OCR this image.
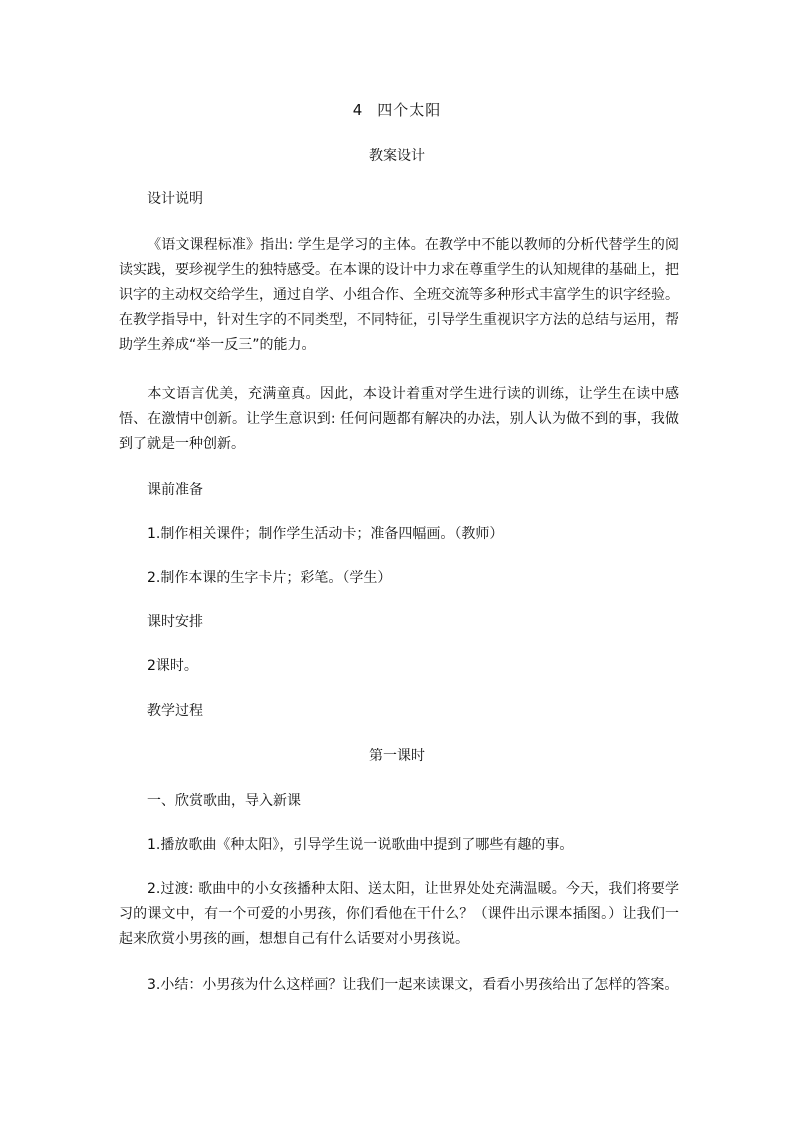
4 四个太阳
教案设计
设计说明
《语文课程标准》指出: 学生是学习的主体。在教学中不能以教师的分析代替学生的阅读实践，要珍视学生的独特感受。在本课的设计中力求在尊重学生的认知规律的基础上，把识字的主动权交给学生，通过自学、小组合作、全班交流等多种形式丰富学生的识字经验。在教学指导中，针对生字的不同类型，不同特征，引导学生重视识字方法的总结与运用，帮助学生养成“举一反三”的能力。
本文语言优美，充满童真。因此，本设计着重对学生进行读的训练，让学生在读中感悟、在激情中创新。让学生意识到: 任何问题都有解决的办法，别人认为做不到的事，我做到了就是一种创新。
课前准备
1.制作相关课件；制作学生活动卡；准备四幅画。（教师）
2.制作本课的生字卡片；彩笔。（学生）
课时安排
2课时。
教学过程
第一课时
一、欣赏歌曲，导入新课
1.播放歌曲《种太阳》，引导学生说一说歌曲中提到了哪些有趣的事。
2.过渡: 歌曲中的小女孩播种太阳、送太阳，让世界处处充满温暖。今天，我们将要学习的课文中，有一个可爱的小男孩，你们看他在干什么？（课件出示课本插图。）让我们一起来欣赏小男孩的画，想想自己有什么话要对小男孩说。
3.小结：小男孩为什么这样画？让我们一起来读课文，看看小男孩给出了怎样的答案。
